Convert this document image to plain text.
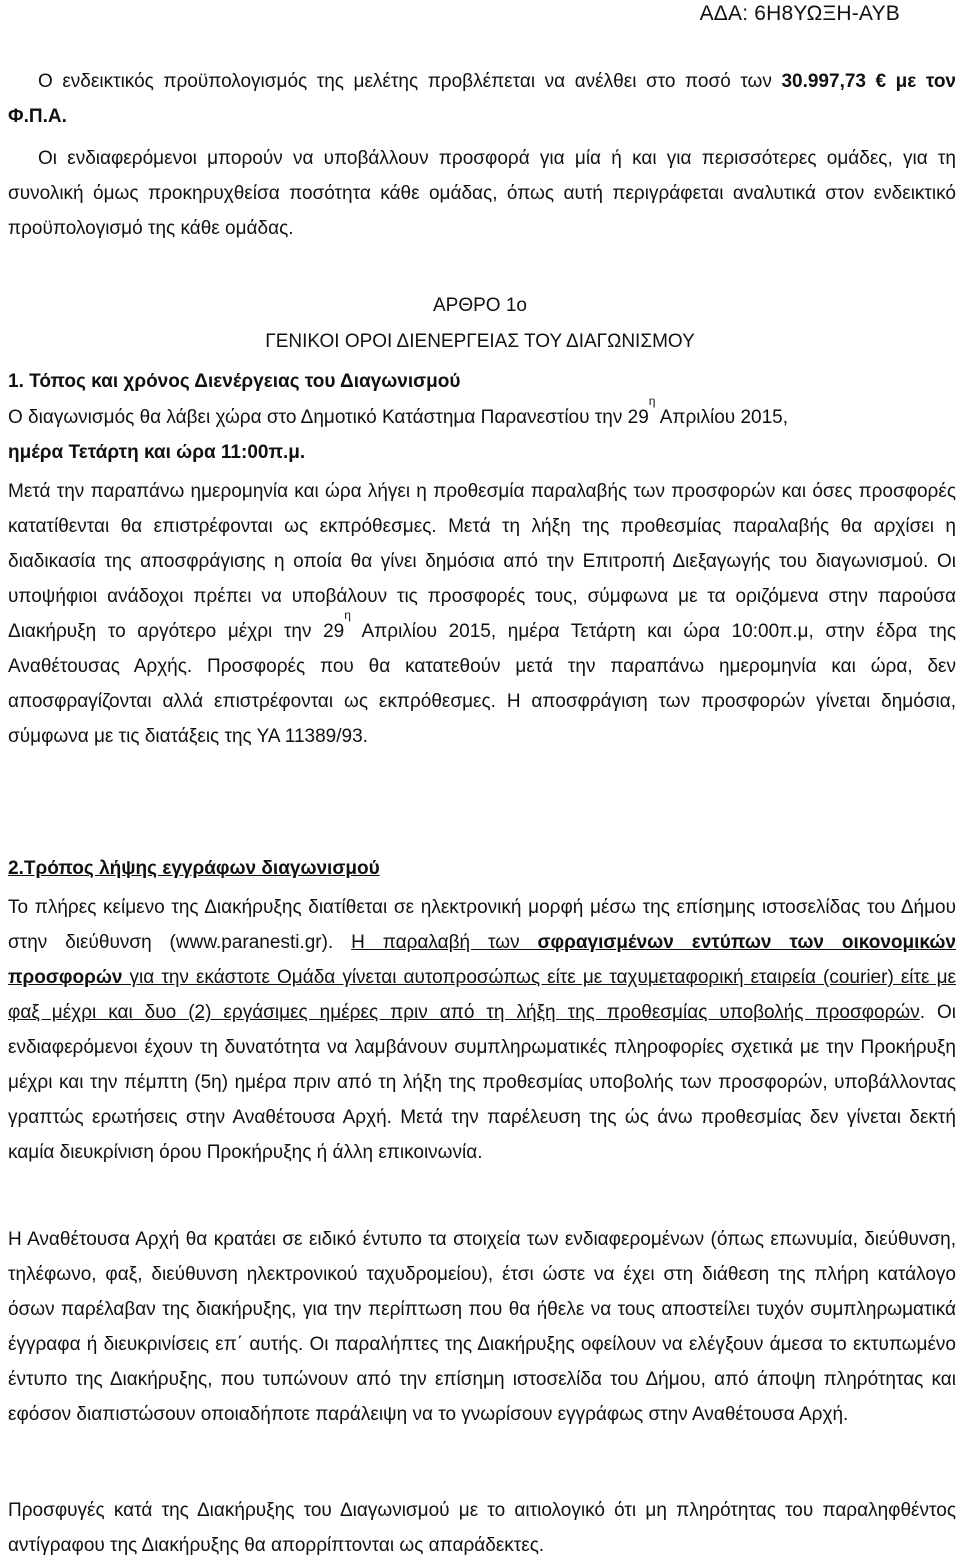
ΑΔΑ: 6Η8ΥΩΞΗ-ΑΥΒ

Ο ενδεικτικός προϋπολογισμός της μελέτης προβλέπεται να ανέλθει στο ποσό των 30.997,73 € με τον Φ.Π.Α.

Οι ενδιαφερόμενοι μπορούν να υποβάλλουν προσφορά για μία ή και για περισσότερες ομάδες, για τη συνολική όμως προκηρυχθείσα ποσότητα κάθε ομάδας, όπως αυτή περιγράφεται αναλυτικά στον ενδεικτικό προϋπολογισμό της κάθε ομάδας.

ΑΡΘΡΟ 1ο
ΓΕΝΙΚΟΙ ΟΡΟΙ ΔΙΕΝΕΡΓΕΙΑΣ ΤΟΥ ΔΙΑΓΩΝΙΣΜΟΥ

1. Τόπος και χρόνος Διενέργειας του Διαγωνισμού

Ο διαγωνισμός θα λάβει χώρα στο Δημοτικό Κατάστημα Παρανεστίου την $29^\eta$ Απριλίου 2015,
ημέρα Τετάρτη και ώρα 11:00π.μ.

Μετά την παραπάνω ημερομηνία και ώρα λήγει η προθεσμία παραλαβής των προσφορών και όσες προσφορές κατατίθενται θα επιστρέφονται ως εκπρόθεσμες. Μετά τη λήξη της προθεσμίας παραλαβής θα αρχίσει η διαδικασία της αποσφράγισης η οποία θα γίνει δημόσια από την Επιτροπή Διεξαγωγής του διαγωνισμού. Οι υποψήφιοι ανάδοχοι πρέπει να υποβάλουν τις προσφορές τους, σύμφωνα με τα οριζόμενα στην παρούσα Διακήρυξη το αργότερο μέχρι την $29^\eta$ Απριλίου 2015, ημέρα Τετάρτη και ώρα 10:00π.μ, στην έδρα της Αναθέτουσας Αρχής. Προσφορές που θα κατατεθούν μετά την παραπάνω ημερομηνία και ώρα, δεν αποσφραγίζονται αλλά επιστρέφονται ως εκπρόθεσμες. Η αποσφράγιση των προσφορών γίνεται δημόσια, σύμφωνα με τις διατάξεις της ΥΑ 11389/93.

2.Τρόπος λήψης εγγράφων διαγωνισμού

Το πλήρες κείμενο της Διακήρυξης διατίθεται σε ηλεκτρονική μορφή μέσω της επίσημης ιστοσελίδας του Δήμου στην διεύθυνση (www.paranesti.gr). Η παραλαβή των σφραγισμένων εντύπων των οικονομικών προσφορών για την εκάστοτε Ομάδα γίνεται αυτοπροσώπως είτε με ταχυμεταφορική εταιρεία (courier) είτε με φαξ μέχρι και δυο (2) εργάσιμες ημέρες πριν από τη λήξη της προθεσμίας υποβολής προσφορών. Οι ενδιαφερόμενοι έχουν τη δυνατότητα να λαμβάνουν συμπληρωματικές πληροφορίες σχετικά με την Προκήρυξη μέχρι και την πέμπτη (5η) ημέρα πριν από τη λήξη της προθεσμίας υποβολής των προσφορών, υποβάλλοντας γραπτώς ερωτήσεις στην Αναθέτουσα Αρχή. Μετά την παρέλευση της ώς άνω προθεσμίας δεν γίνεται δεκτή καμία διευκρίνιση όρου Προκήρυξης ή άλλη επικοινωνία.

Η Αναθέτουσα Αρχή θα κρατάει σε ειδικό έντυπο τα στοιχεία των ενδιαφερομένων (όπως επωνυμία, διεύθυνση, τηλέφωνο, φαξ, διεύθυνση ηλεκτρονικού ταχυδρομείου), έτσι ώστε να έχει στη διάθεση της πλήρη κατάλογο όσων παρέλαβαν της διακήρυξης, για την περίπτωση που θα ήθελε να τους αποστείλει τυχόν συμπληρωματικά έγγραφα ή διευκρινίσεις επ΄ αυτής. Οι παραλήπτες της Διακήρυξης οφείλουν να ελέγξουν άμεσα το εκτυπωμένο έντυπο της Διακήρυξης, που τυπώνουν από την επίσημη ιστοσελίδα του Δήμου, από άποψη πληρότητας και εφόσον διαπιστώσουν οποιαδήποτε παράλειψη να το γνωρίσουν εγγράφως στην Αναθέτουσα Αρχή.

Προσφυγές κατά της Διακήρυξης του Διαγωνισμού με το αιτιολογικό ότι μη πληρότητας του παραληφθέντος αντίγραφου της Διακήρυξης θα απορρίπτονται ως απαράδεκτες.
